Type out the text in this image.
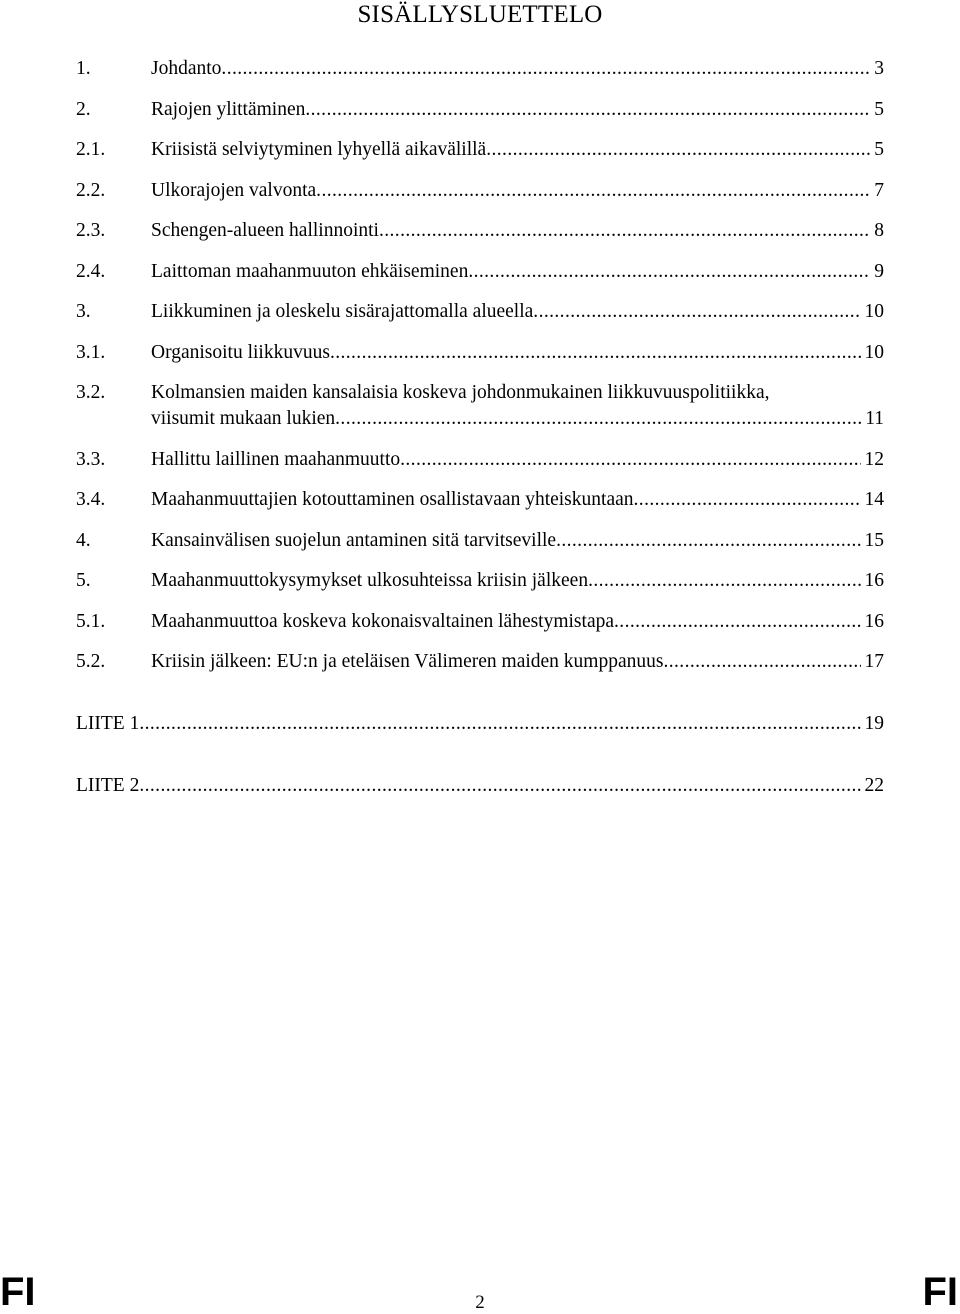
SISÄLLYSLUETTELO
1.	Johdanto .....	3
2.	Rajojen ylittäminen .....	5
2.1. Kriisistä selviytyminen lyhyellä aikavälillä .....	5
2.2. Ulkorajojen valvonta .....	7
2.3. Schengen-alueen hallinnointi .....	8
2.4. Laittoman maahanmuuton ehkäiseminen .....	9
3.	Liikkuminen ja oleskelu sisärajattomalla alueella .....	10
3.1. Organisoitu liikkuvuus .....	10
3.2. Kolmansien maiden kansalaisia koskeva johdonmukainen liikkuvuuspolitiikka,
viisumit mukaan lukien .....	11
3.3. Hallittu laillinen maahanmuutto .....	12
3.4. Maahanmuuttajien kotouttaminen osallistavaan yhteiskuntaan .....	14
4.	Kansainvälisen suojelun antaminen sitä tarvitseville .....	15
5.	Maahanmuuttokysymykset ulkosuhteissa kriisin jälkeen .....	16
5.1. Maahanmuuttoa koskeva kokonaisvaltainen lähestymistapa .....	16
5.2. Kriisin jälkeen: EU:n ja eteläisen Välimeren maiden kumppanuus .....	17
LIITE 1 .....	19
LIITE 2 .....	22
FI	2	FI
